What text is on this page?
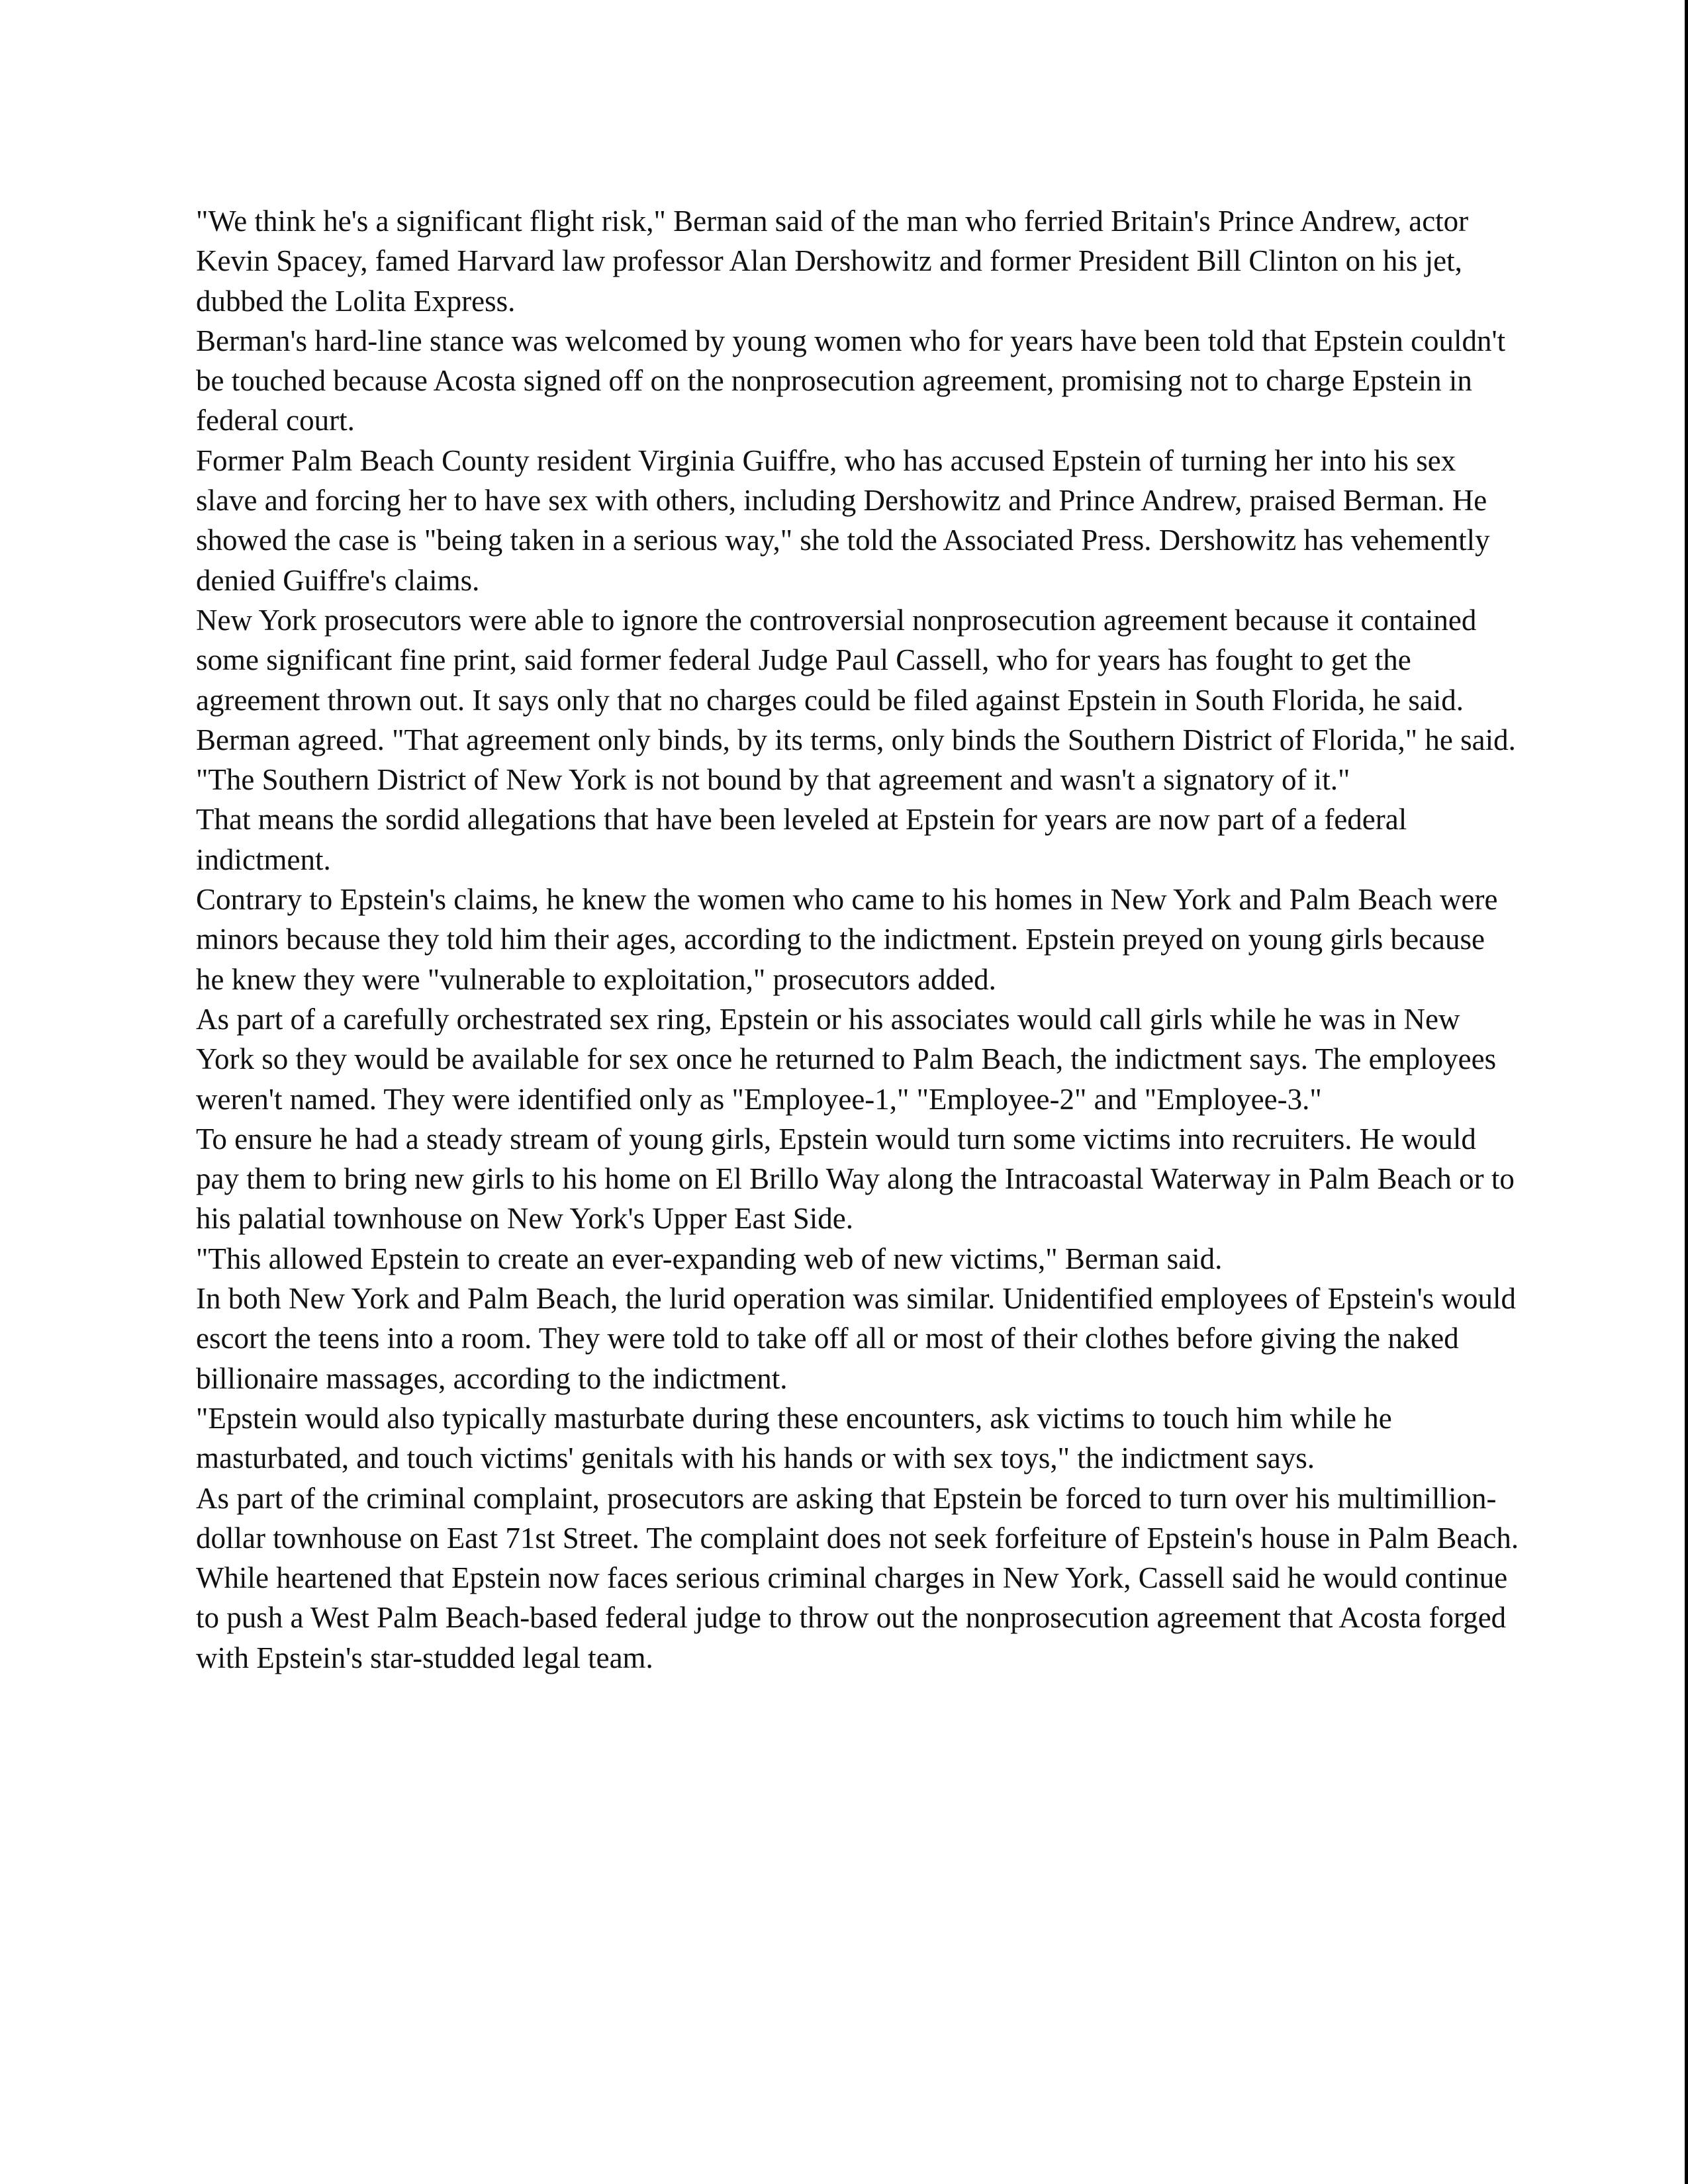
"We think he's a significant flight risk," Berman said of the man who ferried Britain's Prince Andrew, actor Kevin Spacey, famed Harvard law professor Alan Dershowitz and former President Bill Clinton on his jet, dubbed the Lolita Express.

Berman's hard-line stance was welcomed by young women who for years have been told that Epstein couldn't be touched because Acosta signed off on the nonprosecution agreement, promising not to charge Epstein in federal court.

Former Palm Beach County resident Virginia Guiffre, who has accused Epstein of turning her into his sex slave and forcing her to have sex with others, including Dershowitz and Prince Andrew, praised Berman. He showed the case is "being taken in a serious way," she told the Associated Press. Dershowitz has vehemently denied Guiffre's claims.

New York prosecutors were able to ignore the controversial nonprosecution agreement because it contained some significant fine print, said former federal Judge Paul Cassell, who for years has fought to get the agreement thrown out. It says only that no charges could be filed against Epstein in South Florida, he said.

Berman agreed. "That agreement only binds, by its terms, only binds the Southern District of Florida," he said. "The Southern District of New York is not bound by that agreement and wasn't a signatory of it."

That means the sordid allegations that have been leveled at Epstein for years are now part of a federal indictment.

Contrary to Epstein's claims, he knew the women who came to his homes in New York and Palm Beach were minors because they told him their ages, according to the indictment. Epstein preyed on young girls because he knew they were "vulnerable to exploitation," prosecutors added.

As part of a carefully orchestrated sex ring, Epstein or his associates would call girls while he was in New York so they would be available for sex once he returned to Palm Beach, the indictment says. The employees weren't named. They were identified only as "Employee-1," "Employee-2" and "Employee-3."

To ensure he had a steady stream of young girls, Epstein would turn some victims into recruiters. He would pay them to bring new girls to his home on El Brillo Way along the Intracoastal Waterway in Palm Beach or to his palatial townhouse on New York's Upper East Side.

"This allowed Epstein to create an ever-expanding web of new victims," Berman said.

In both New York and Palm Beach, the lurid operation was similar. Unidentified employees of Epstein's would escort the teens into a room. They were told to take off all or most of their clothes before giving the naked billionaire massages, according to the indictment.

"Epstein would also typically masturbate during these encounters, ask victims to touch him while he masturbated, and touch victims' genitals with his hands or with sex toys," the indictment says.

As part of the criminal complaint, prosecutors are asking that Epstein be forced to turn over his multimillion-dollar townhouse on East 71st Street. The complaint does not seek forfeiture of Epstein's house in Palm Beach.

While heartened that Epstein now faces serious criminal charges in New York, Cassell said he would continue to push a West Palm Beach-based federal judge to throw out the nonprosecution agreement that Acosta forged with Epstein's star-studded legal team.
